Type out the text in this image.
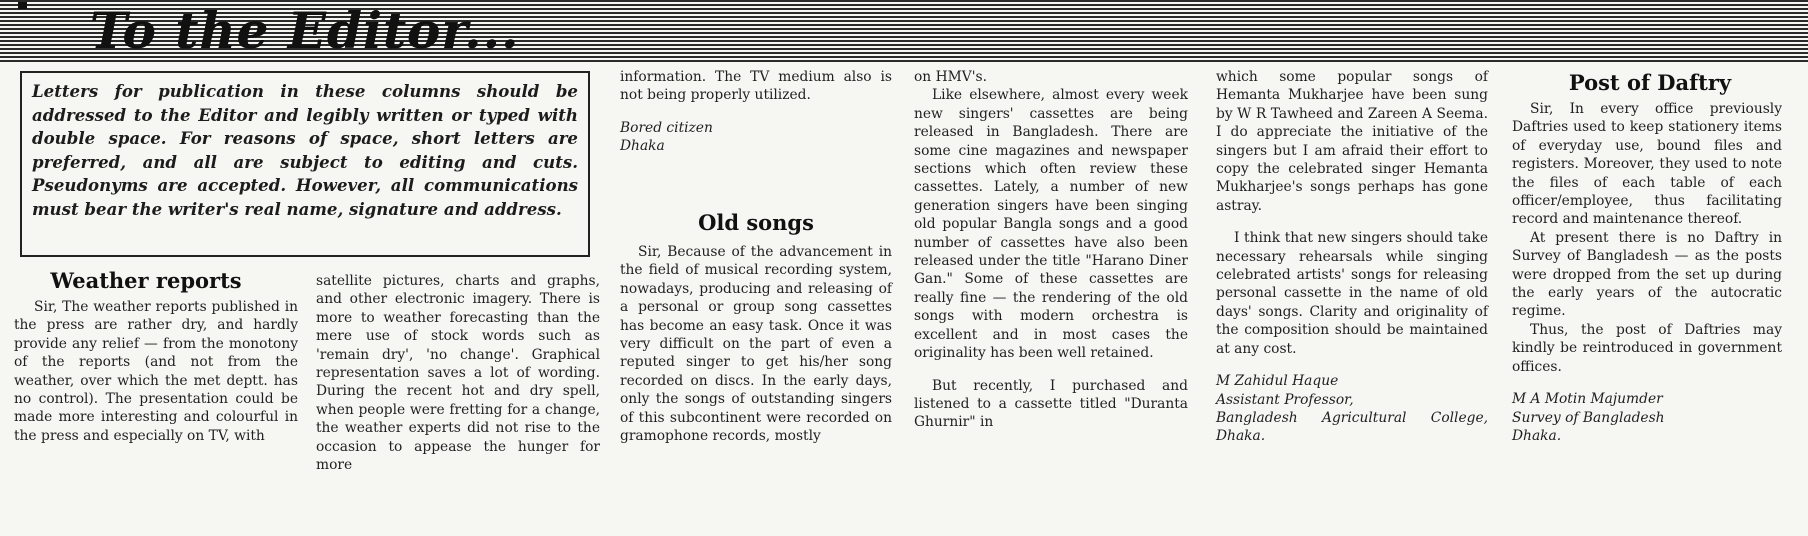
To the Editor...
Letters for publication in these columns should be addressed to the Editor and legibly written or typed with double space. For reasons of space, short letters are preferred, and all are subject to editing and cuts. Pseudonyms are accepted. However, all communications must bear the writer's real name, signature and address.
Weather reports

Sir, The weather reports published in the press are rather dry, and hardly provide any relief — from the monotony of the reports (and not from the weather, over which the met deptt. has no control). The presentation could be made more interesting and colourful in the press and especially on TV, with

satellite pictures, charts and graphs, and other electronic imagery. There is more to weather forecasting than the mere use of stock words such as 'remain dry', 'no change'. Graphical representation saves a lot of wording. During the recent hot and dry spell, when people were fretting for a change, the weather experts did not rise to the occasion to appease the hunger for more

information. The TV medium also is not being properly utilized.

Bored citizen

Dhaka

Old songs

Sir, Because of the advancement in the field of musical recording system, nowadays, producing and releasing of a personal or group song cassettes has become an easy task. Once it was very difficult on the part of even a reputed singer to get his/her song recorded on discs. In the early days, only the songs of outstanding singers of this subcontinent were recorded on gramophone records, mostly

on HMV's.

Like elsewhere, almost every week new singers' cassettes are being released in Bangladesh. There are some cine magazines and newspaper sections which often review these cassettes. Lately, a number of new generation singers have been singing old popular Bangla songs and a good number of cassettes have also been released under the title "Harano Diner Gan." Some of these cassettes are really fine — the rendering of the old songs with modern orchestra is excellent and in most cases the originality has been well retained.

But recently, I purchased and listened to a cassette titled "Duranta Ghurnir" in

which some popular songs of Hemanta Mukharjee have been sung by W R Tawheed and Zareen A Seema. I do appreciate the initiative of the singers but I am afraid their effort to copy the celebrated singer Hemanta Mukharjee's songs perhaps has gone astray.

I think that new singers should take necessary rehearsals while singing celebrated artists' songs for releasing personal cassette in the name of old days' songs. Clarity and originality of the composition should be maintained at any cost.

M Zahidul Haque

Assistant Professor,

Bangladesh Agricultural College, Dhaka.

Post of Daftry

Sir, In every office previously Daftries used to keep stationery items of everyday use, bound files and registers. Moreover, they used to note the files of each table of each officer/employee, thus facilitating record and maintenance thereof.

At present there is no Daftry in Survey of Bangladesh — as the posts were dropped from the set up during the early years of the autocratic regime.

Thus, the post of Daftries may kindly be reintroduced in government offices.

M A Motin Majumder

Survey of Bangladesh

Dhaka.
